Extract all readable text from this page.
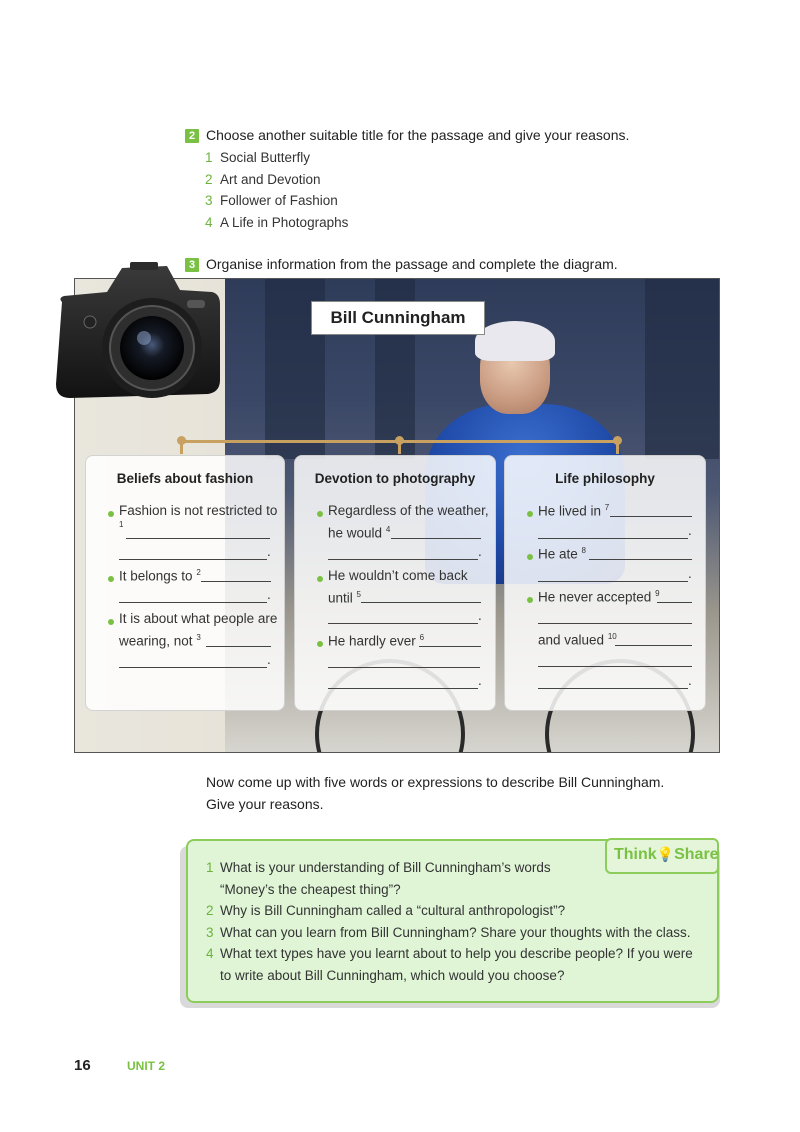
2 Choose another suitable title for the passage and give your reasons.
1 Social Butterfly
2 Art and Devotion
3 Follower of Fashion
4 A Life in Photographs
3 Organise information from the passage and complete the diagram.
Bill Cunningham
Beliefs about fashion
Fashion is not restricted to
1
.
It belongs to $^2$
.
It is about what people are
wearing, not $^3$
.
Devotion to photography
Regardless of the weather,
he would $^4$
.
He wouldn’t come back
until $^5$
.
He hardly ever $^6$
.
Life philosophy
He lived in $^7$
.
He ate $^8$
.
He never accepted $^9$
and valued $^{10}$
.
Now come up with five words or expressions to describe Bill Cunningham.
Give your reasons.
Think💡Share
1 What is your understanding of Bill Cunningham’s words
“Money’s the cheapest thing”?
2 Why is Bill Cunningham called a “cultural anthropologist”?
3 What can you learn from Bill Cunningham? Share your thoughts with the class.
4 What text types have you learnt about to help you describe people? If you were
to write about Bill Cunningham, which would you choose?
16	UNIT 2
